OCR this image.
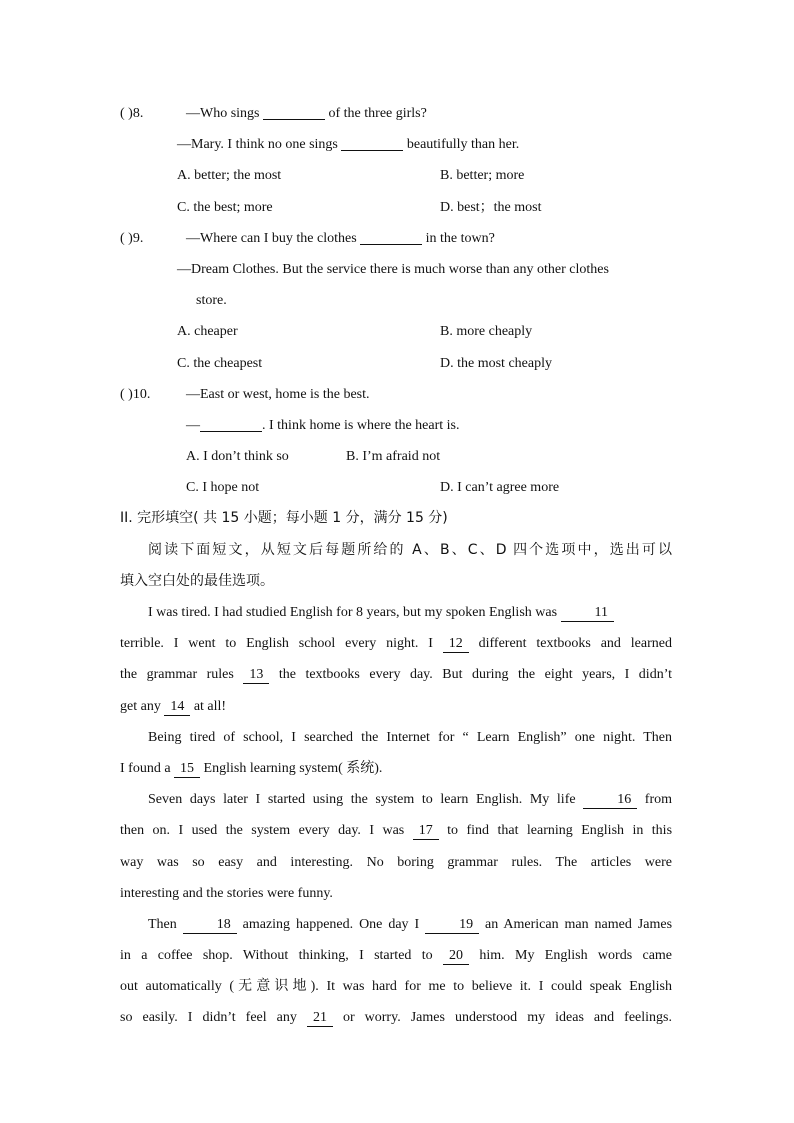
( )8.	—Who sings	of the three girls?
—Mary. I think no one sings	beautifully than her.
A. better; the most	B. better; more
C. the best; more	D. best；the most
( )9.	—Where can I buy the clothes	in the town?
—Dream Clothes. But the service there is much worse than any other clothes
store.
A. cheaper	B. more cheaply
C. the cheapest	D. the most cheaply
( )10.	—East or west, home is the best.
—	. I think home is where the heart is.
A. I don’t think so	B. I’m afraid not
C. I hope not	D. I can’t agree more
II. 完形填空( 共 15 小题；每小题 1 分，满分 15 分)
阅读下面短文，从短文后每题所给的 A、B、C、D 四个选项中，选出可以
填入空白处的最佳选项。
I was tired. I had studied English for 8 years, but my spoken English was	11
terrible. I went to English school every night. I 12 different textbooks and learned
the grammar rules 13 the textbooks every day. But during the eight years, I didn’t
get any 14 at all!
Being tired of school, I searched the Internet for “ Learn English” one night. Then
I found a 15 English learning system( 系统).
Seven days later I started using the system to learn English. My life	16 from
then on. I used the system every day. I was 17 to find that learning English in this
way was so easy and interesting. No boring grammar rules. The articles were
interesting and the stories were funny.
Then	18 amazing happened. One day I	19 an American man named James
in a coffee shop. Without thinking, I started to 20 him. My English words came
out automatically (无意识地). It was hard for me to believe it. I could speak English
so easily. I didn’t feel any 21 or worry. James understood my ideas and feelings.
